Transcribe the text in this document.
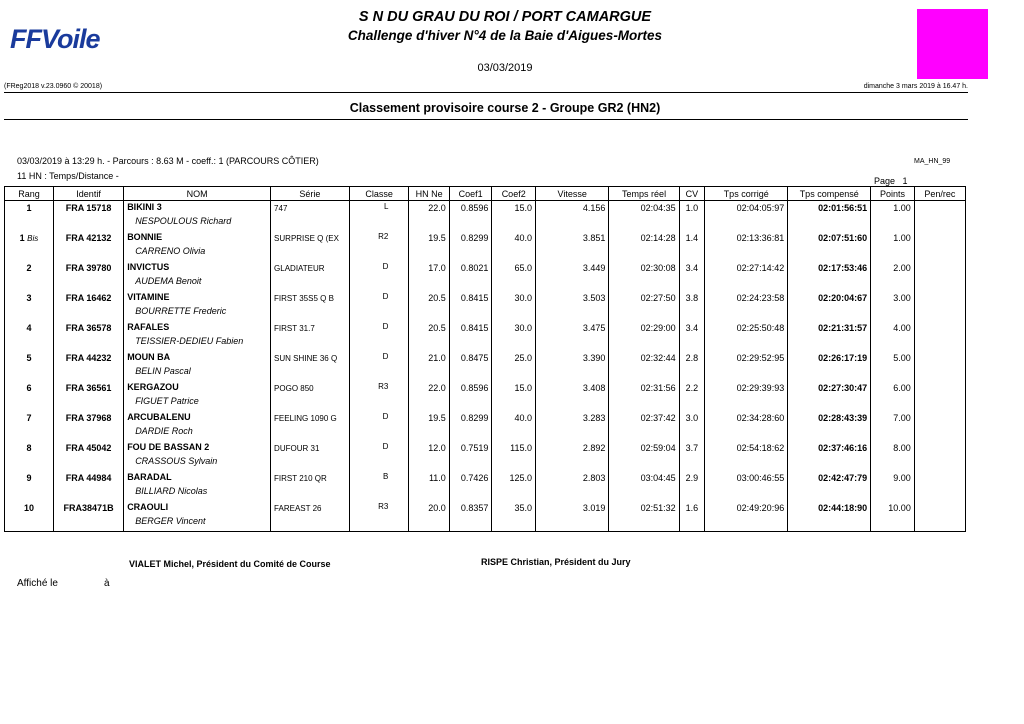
FFVoile
S N DU GRAU DU ROI / PORT CAMARGUE
Challenge d'hiver N°4 de la Baie d'Aigues-Mortes
03/03/2019
(FReg2018 v.23.0960 © 20018)	dimanche 3 mars 2019 à 16.47 h.
Classement provisoire course 2 - Groupe GR2 (HN2)
03/03/2019 à 13:29 h. - Parcours : 8.63 M - coeff.: 1 (PARCOURS CÔTIER)	MA_HN_99
11 HN : Temps/Distance -	Page 1
Rang	Identif	NOM	Série	Classe	HN Ne	Coef1	Coef2	Vitesse	Temps réel	CV	Tps corrigé	Tps compensé	Points	Pen/rec
1	FRA 15718	BIKINI 3
NESPOULOUS Richard	747	L	22.0	0.8596	15.0	4.156	02:04:35	1.0	02:04:05:97	02:01:56:51	1.00	

1 Bis	FRA 42132	BONNIE
CARRENO Olivia	SURPRISE Q (EX	R2	19.5	0.8299	40.0	3.851	02:14:28	1.4	02:13:36:81	02:07:51:60	1.00	

2	FRA 39780	INVICTUS
AUDEMA Benoit	GLADIATEUR	D	17.0	0.8021	65.0	3.449	02:30:08	3.4	02:27:14:42	02:17:53:46	2.00	

3	FRA 16462	VITAMINE
BOURRETTE Frederic	FIRST 35S5 Q B	D	20.5	0.8415	30.0	3.503	02:27:50	3.8	02:24:23:58	02:20:04:67	3.00	

4	FRA 36578	RAFALES
TEISSIER-DEDIEU Fabien	FIRST 31.7	D	20.5	0.8415	30.0	3.475	02:29:00	3.4	02:25:50:48	02:21:31:57	4.00	

5	FRA 44232	MOUN BA
BELIN Pascal	SUN SHINE 36 Q	D	21.0	0.8475	25.0	3.390	02:32:44	2.8	02:29:52:95	02:26:17:19	5.00	

6	FRA 36561	KERGAZOU
FIGUET Patrice	POGO 850	R3	22.0	0.8596	15.0	3.408	02:31:56	2.2	02:29:39:93	02:27:30:47	6.00	

7	FRA 37968	ARCUBALENU
DARDIE Roch	FEELING 1090 G	D	19.5	0.8299	40.0	3.283	02:37:42	3.0	02:34:28:60	02:28:43:39	7.00	

8	FRA 45042	FOU DE BASSAN 2
CRASSOUS Sylvain	DUFOUR 31	D	12.0	0.7519	115.0	2.892	02:59:04	3.7	02:54:18:62	02:37:46:16	8.00	

9	FRA 44984	BARADAL
BILLIARD Nicolas	FIRST 210 QR	B	11.0	0.7426	125.0	2.803	03:04:45	2.9	03:00:46:55	02:42:47:79	9.00	

10	FRA38471B	CRAOULI
BERGER Vincent	FAREAST 26	R3	20.0	0.8357	35.0	3.019	02:51:32	1.6	02:49:20:96	02:44:18:90	10.00	

VIALET Michel, Président du Comité de Course	RISPE Christian, Président du Jury
Affiché le	à
